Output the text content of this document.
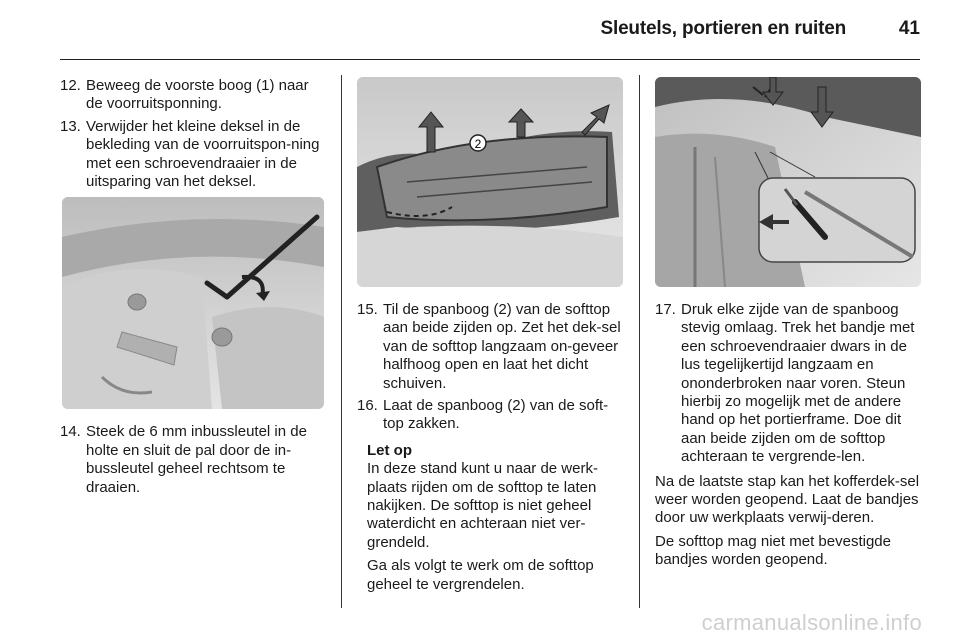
Sleutels, portieren en ruiten	41
12. Beweeg de voorste boog (1) naar de voorruitsponning.
13. Verwijder het kleine deksel in de bekleding van de voorruitspon-ning met een schroevendraaier in de uitsparing van het deksel.
14. Steek de 6 mm inbussleutel in de holte en sluit de pal door de in-bussleutel geheel rechtsom te draaien.
2
15. Til de spanboog (2) van de softtop aan beide zijden op. Zet het dek-sel van de softtop langzaam on-geveer halfhoog open en laat het dicht schuiven.
16. Laat de spanboog (2) van de soft-top zakken.
Let op

In deze stand kunt u naar de werk-plaats rijden om de softtop te laten nakijken. De softtop is niet geheel waterdicht en achteraan niet ver-grendeld.

Ga als volgt te werk om de softtop geheel te vergrendelen.

17. Druk elke zijde van de spanboog stevig omlaag. Trek het bandje met een schroevendraaier dwars in de lus tegelijkertijd langzaam en ononderbroken naar voren. Steun hierbij zo mogelijk met de andere hand op het portierframe. Doe dit aan beide zijden om de softtop achteraan te vergrende-len.

Na de laatste stap kan het kofferdek-sel weer worden geopend. Laat de bandjes door uw werkplaats verwij-deren.

De softtop mag niet met bevestigde bandjes worden geopend.

carmanualsonline.info
